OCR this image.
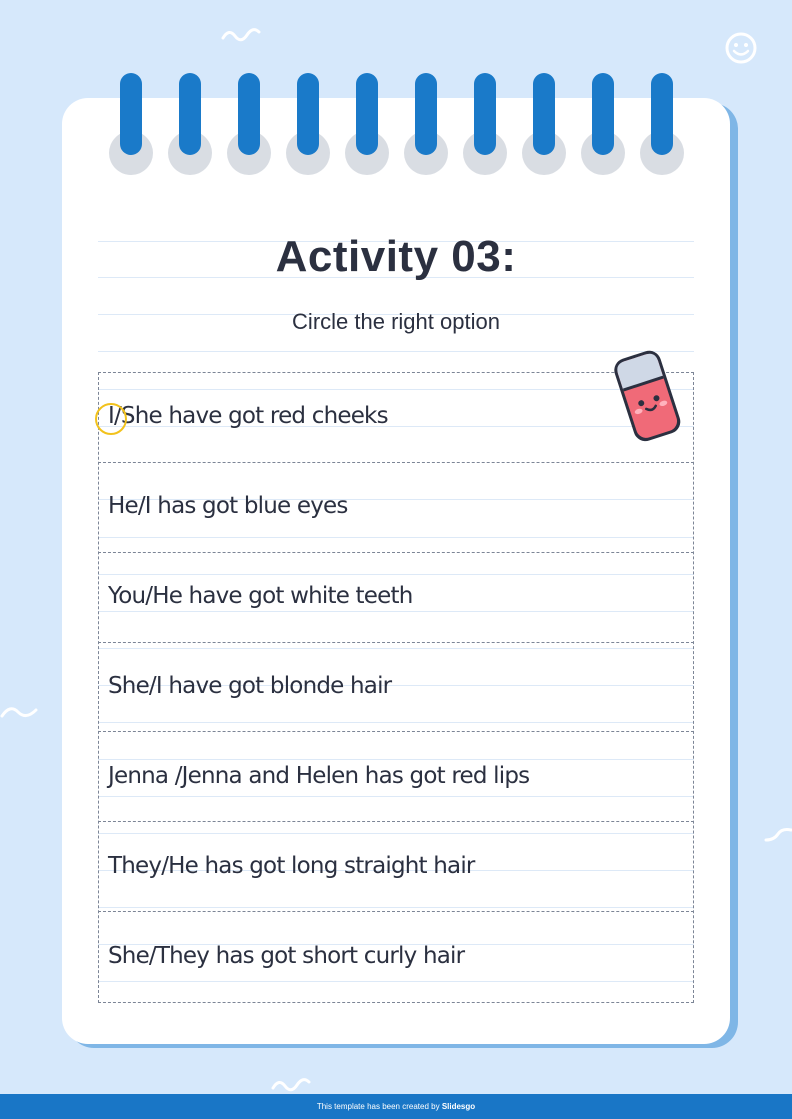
Activity 03:
Circle the right option
I/She have got red cheeks
He/I has got blue eyes
You/He have got white teeth
She/I have got blonde hair
Jenna /Jenna and Helen has got red lips
They/He has got long straight hair
She/They has got short curly hair
This template has been created by Slidesgo
